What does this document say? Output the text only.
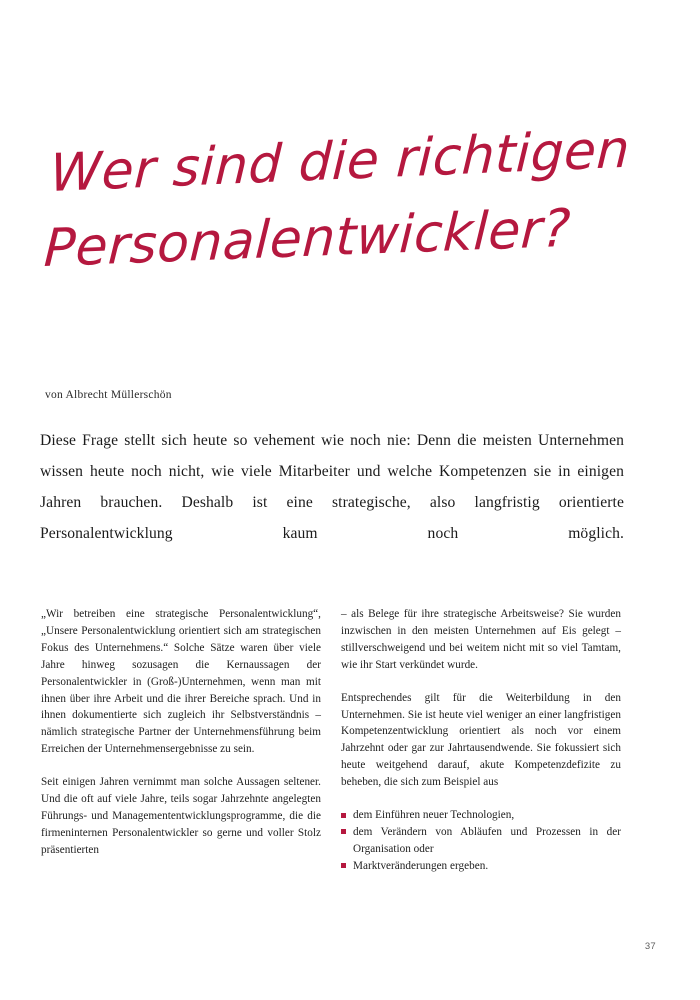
Wer sind die richtigen
Personalentwickler?
von Albrecht Müllerschön
Diese Frage stellt sich heute so vehement wie noch nie: Denn die meisten Unternehmen wissen heute noch nicht, wie viele Mitarbeiter und welche Kompetenzen sie in einigen Jahren brauchen. Deshalb ist eine strategische, also langfristig orientierte Personalentwicklung kaum noch möglich.

„Wir betreiben eine strategische Personalentwicklung“, „Unsere Personalentwicklung orientiert sich am strategischen Fokus des Unternehmens.“ Solche Sätze waren über viele Jahre hinweg sozusagen die Kernaussagen der Personalentwickler in (Groß-)Unternehmen, wenn man mit ihnen über ihre Arbeit und die ihrer Bereiche sprach. Und in ihnen dokumentierte sich zugleich ihr Selbstverständnis – nämlich strategische Partner der Unternehmensführung beim Erreichen der Unternehmensergebnisse zu sein.

Seit einigen Jahren vernimmt man solche Aussagen seltener. Und die oft auf viele Jahre, teils sogar Jahrzehnte angelegten Führungs- und Managemententwicklungsprogramme, die die firmeninternen Personalentwickler so gerne und voller Stolz präsentierten

– als Belege für ihre strategische Arbeitsweise? Sie wurden inzwischen in den meisten Unternehmen auf Eis gelegt – stillverschweigend und bei weitem nicht mit so viel Tamtam, wie ihr Start verkündet wurde.

Entsprechendes gilt für die Weiterbildung in den Unternehmen. Sie ist heute viel weniger an einer langfristigen Kompetenzentwicklung orientiert als noch vor einem Jahrzehnt oder gar zur Jahrtausendwende. Sie fokussiert sich heute weitgehend darauf, akute Kompetenzdefizite zu beheben, die sich zum Beispiel aus

dem Einführen neuer Technologien,
dem Verändern von Abläufen und Prozessen in der Organisation oder
Marktveränderungen ergeben.
37
